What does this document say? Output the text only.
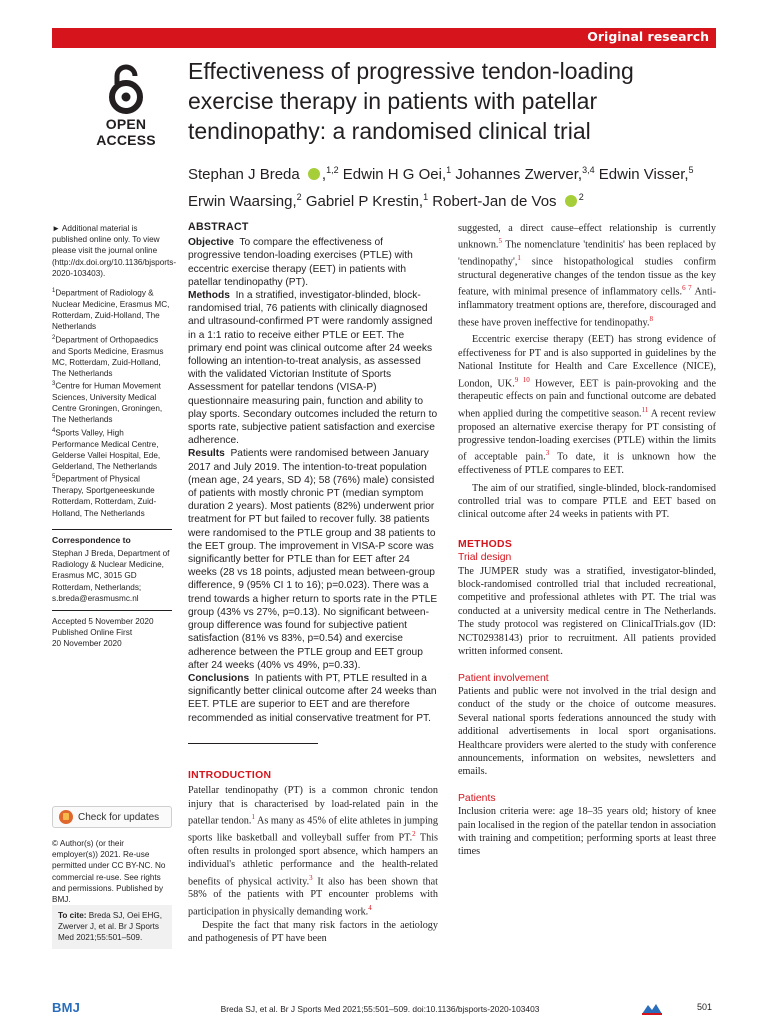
Original research
OPEN ACCESS
Effectiveness of progressive tendon-loading exercise therapy in patients with patellar tendinopathy: a randomised clinical trial
Stephan J Breda ,$^{1,2}$ Edwin H G Oei,$^1$ Johannes Zwerver,$^{3,4}$ Edwin Visser,$^5$
Erwin Waarsing,$^2$ Gabriel P Krestin,$^1$ Robert-Jan de Vos $^2$

► Additional material is published online only. To view please visit the journal online (http://dx.doi.org/10.1136/bjsports-2020-103403).

$^1$Department of Radiology & Nuclear Medicine, Erasmus MC, Rotterdam, Zuid-Holland, The Netherlands

$^2$Department of Orthopaedics and Sports Medicine, Erasmus MC, Rotterdam, Zuid-Holland, The Netherlands

$^3$Centre for Human Movement Sciences, University Medical Centre Groningen, Groningen, The Netherlands

$^4$Sports Valley, High Performance Medical Centre, Gelderse Vallei Hospital, Ede, Gelderland, The Netherlands

$^5$Department of Physical Therapy, Sportgeneeskunde Rotterdam, Rotterdam, Zuid-Holland, The Netherlands

Correspondence to

Stephan J Breda, Department of Radiology & Nuclear Medicine, Erasmus MC, 3015 GD Rotterdam, Netherlands; s.breda@erasmusmc.nl

Accepted 5 November 2020
Published Online First
20 November 2020
Check for updates
© Author(s) (or their employer(s)) 2021. Re-use permitted under CC BY-NC. No commercial re-use. See rights and permissions. Published by BMJ.
To cite: Breda SJ, Oei EHG, Zwerver J, et al. Br J Sports Med 2021;55:501–509.
ABSTRACT

Objective To compare the effectiveness of progressive tendon-loading exercises (PTLE) with eccentric exercise therapy (EET) in patients with patellar tendinopathy (PT).

Methods In a stratified, investigator-blinded, block-randomised trial, 76 patients with clinically diagnosed and ultrasound-confirmed PT were randomly assigned in a 1:1 ratio to receive either PTLE or EET. The primary end point was clinical outcome after 24 weeks following an intention-to-treat analysis, as assessed with the validated Victorian Institute of Sports Assessment for patellar tendons (VISA-P) questionnaire measuring pain, function and ability to play sports. Secondary outcomes included the return to sports rate, subjective patient satisfaction and exercise adherence.

Results Patients were randomised between January 2017 and July 2019. The intention-to-treat population (mean age, 24 years, SD 4); 58 (76%) male) consisted of patients with mostly chronic PT (median symptom duration 2 years). Most patients (82%) underwent prior treatment for PT but failed to recover fully. 38 patients were randomised to the PTLE group and 38 patients to the EET group. The improvement in VISA-P score was significantly better for PTLE than for EET after 24 weeks (28 vs 18 points, adjusted mean between-group difference, 9 (95% CI 1 to 16); p=0.023). There was a trend towards a higher return to sports rate in the PTLE group (43% vs 27%, p=0.13). No significant between-group difference was found for subjective patient satisfaction (81% vs 83%, p=0.54) and exercise adherence between the PTLE group and EET group after 24 weeks (40% vs 49%, p=0.33).

Conclusions In patients with PT, PTLE resulted in a significantly better clinical outcome after 24 weeks than EET. PTLE are superior to EET and are therefore recommended as initial conservative treatment for PT.

INTRODUCTION

Patellar tendinopathy (PT) is a common chronic tendon injury that is characterised by load-related pain in the patellar tendon.$^1$ As many as 45% of elite athletes in jumping sports like basketball and volleyball suffer from PT.$^2$ This often results in prolonged sport absence, which hampers an individual's athletic performance and the health-related benefits of physical activity.$^3$ It also has been shown that 58% of the patients with PT encounter problems with participation in physically demanding work.$^4$

Despite the fact that many risk factors in the aetiology and pathogenesis of PT have been

suggested, a direct cause–effect relationship is currently unknown.$^5$ The nomenclature 'tendinitis' has been replaced by 'tendinopathy',$^1$ since histopathological studies confirm structural degenerative changes of the tendon tissue as the key feature, with minimal presence of inflammatory cells.$^{6 7}$ Anti-inflammatory treatment options are, therefore, discouraged and these have proven ineffective for tendinopathy.$^8$

Eccentric exercise therapy (EET) has strong evidence of effectiveness for PT and is also supported in guidelines by the National Institute for Health and Care Excellence (NICE), London, UK.$^{9 10}$ However, EET is pain-provoking and the therapeutic effects on pain and functional outcome are debated when applied during the competitive season.$^{11}$ A recent review proposed an alternative exercise therapy for PT consisting of progressive tendon-loading exercises (PTLE) within the limits of acceptable pain.$^3$ To date, it is unknown how the effectiveness of PTLE compares to EET.

The aim of our stratified, single-blinded, block-randomised controlled trial was to compare PTLE and EET based on clinical outcome after 24 weeks in patients with PT.

METHODS
Trial design

The JUMPER study was a stratified, investigator-blinded, block-randomised controlled trial that included recreational, competitive and professional athletes with PT. The trial was conducted at a university medical centre in The Netherlands. The study protocol was registered on ClinicalTrials.gov (ID: NCT02938143) prior to recruitment. All patients provided written informed consent.

Patient involvement

Patients and public were not involved in the trial design and conduct of the study or the choice of outcome measures. Several national sports federations announced the study with additional advertisements in local sport organisations. Healthcare providers were alerted to the study with conference announcements, information on websites, newsletters and emails.

Patients

Inclusion criteria were: age 18–35 years old; history of knee pain localised in the region of the patellar tendon in association with training and competition; performing sports at least three times

BMJ	Breda SJ, et al. Br J Sports Med 2021;55:501–509. doi:10.1136/bjsports-2020-103403	501
